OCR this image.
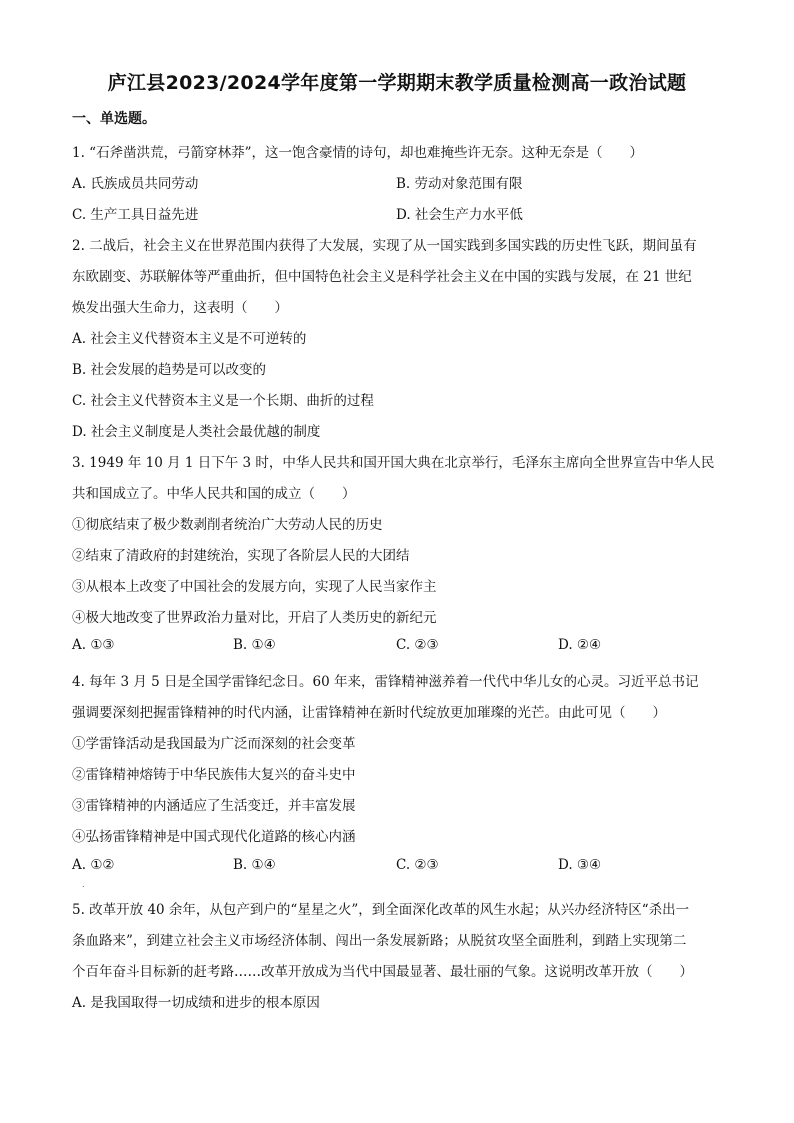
庐江县2023/2024学年度第一学期期末教学质量检测高一政治试题
一、单选题。
1. “石斧凿洪荒，弓箭穿林莽”，这一饱含豪情的诗句，却也难掩些许无奈。这种无奈是（　　）
A. 氏族成员共同劳动	B. 劳动对象范围有限
C. 生产工具日益先进	D. 社会生产力水平低
2. 二战后，社会主义在世界范围内获得了大发展，实现了从一国实践到多国实践的历史性飞跃，期间虽有
东欧剧变、苏联解体等严重曲折，但中国特色社会主义是科学社会主义在中国的实践与发展，在 21 世纪
焕发出强大生命力，这表明（　　）
A. 社会主义代替资本主义是不可逆转的
B. 社会发展的趋势是可以改变的
C. 社会主义代替资本主义是一个长期、曲折的过程
D. 社会主义制度是人类社会最优越的制度
3. 1949 年 10 月 1 日下午 3 时，中华人民共和国开国大典在北京举行，毛泽东主席向全世界宣告中华人民
共和国成立了。中华人民共和国的成立（　　）
①彻底结束了极少数剥削者统治广大劳动人民的历史
②结束了清政府的封建统治，实现了各阶层人民的大团结
③从根本上改变了中国社会的发展方向，实现了人民当家作主
④极大地改变了世界政治力量对比，开启了人类历史的新纪元
A. ①③	B. ①④	C. ②③	D. ②④
4. 每年 3 月 5 日是全国学雷锋纪念日。60 年来，雷锋精神滋养着一代代中华儿女的心灵。习近平总书记
强调要深刻把握雷锋精神的时代内涵，让雷锋精神在新时代绽放更加璀璨的光芒。由此可见（　　）
①学雷锋活动是我国最为广泛而深刻的社会变革
②雷锋精神熔铸于中华民族伟大复兴的奋斗史中
③雷锋精神的内涵适应了生活变迁，并丰富发展
④弘扬雷锋精神是中国式现代化道路的核心内涵
A. ①②	B. ①④	C. ②③	D. ③④
.
5. 改革开放 40 余年，从包产到户的“星星之火”，到全面深化改革的风生水起；从兴办经济特区“杀出一
条血路来”，到建立社会主义市场经济体制、闯出一条发展新路；从脱贫攻坚全面胜利，到踏上实现第二
个百年奋斗目标新的赶考路……改革开放成为当代中国最显著、最壮丽的气象。这说明改革开放（　　）
A. 是我国取得一切成绩和进步的根本原因
